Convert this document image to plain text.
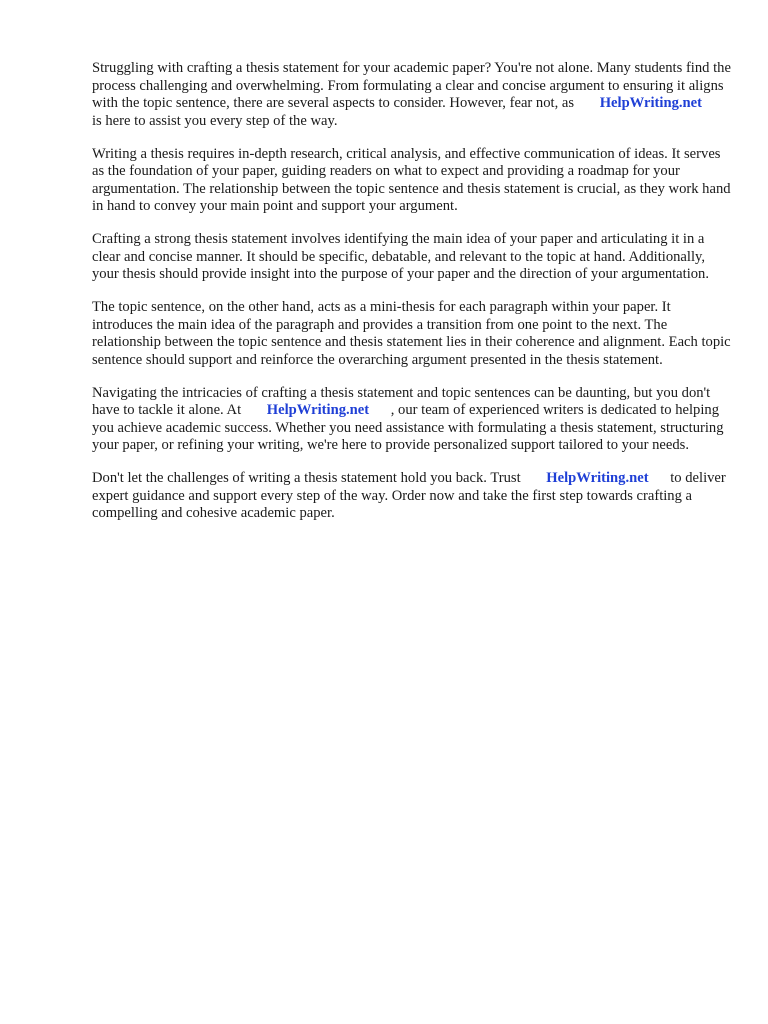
Struggling with crafting a thesis statement for your academic paper? You're not alone. Many students find the process challenging and overwhelming. From formulating a clear and concise argument to ensuring it aligns with the topic sentence, there are several aspects to consider. However, fear not, as HelpWriting.net is here to assist you every step of the way.

Writing a thesis requires in-depth research, critical analysis, and effective communication of ideas. It serves as the foundation of your paper, guiding readers on what to expect and providing a roadmap for your argumentation. The relationship between the topic sentence and thesis statement is crucial, as they work hand in hand to convey your main point and support your argument.

Crafting a strong thesis statement involves identifying the main idea of your paper and articulating it in a clear and concise manner. It should be specific, debatable, and relevant to the topic at hand. Additionally, your thesis should provide insight into the purpose of your paper and the direction of your argumentation.

The topic sentence, on the other hand, acts as a mini-thesis for each paragraph within your paper. It introduces the main idea of the paragraph and provides a transition from one point to the next. The relationship between the topic sentence and thesis statement lies in their coherence and alignment. Each topic sentence should support and reinforce the overarching argument presented in the thesis statement.

Navigating the intricacies of crafting a thesis statement and topic sentences can be daunting, but you don't have to tackle it alone. At HelpWriting.net , our team of experienced writers is dedicated to helping you achieve academic success. Whether you need assistance with formulating a thesis statement, structuring your paper, or refining your writing, we're here to provide personalized support tailored to your needs.

Don't let the challenges of writing a thesis statement hold you back. Trust HelpWriting.net to deliver expert guidance and support every step of the way. Order now and take the first step towards crafting a compelling and cohesive academic paper.
